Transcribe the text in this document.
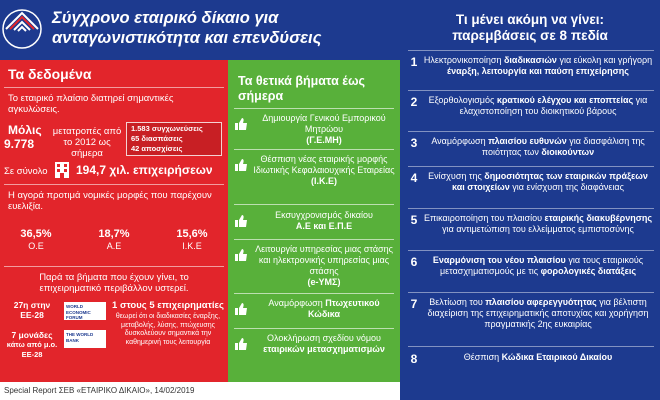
Σύγχρονο εταιρικό δίκαιο για
ανταγωνιστικότητα και επενδύσεις
Τα δεδομένα
Το εταιρικό πλαίσιο διατηρεί σημαντικές αγκυλώσεις.
Μόλις
9.778
μετατροπές από το 2012 ως σήμερα
1.583 συγχωνεύσεις
65 διασπάσεις
42 αποσχίσεις
Σε σύνολο 194,7 χιλ. επιχειρήσεων
Η αγορά προτιμά νομικές μορφές που παρέχουν ευελιξία.
36,5%
Ο.Ε
18,7%
Α.Ε
15,6%
Ι.Κ.Ε
Παρά τα βήματα που έχουν γίνει, το επιχειρηματικό περιβάλλον υστερεί.
27η στην
ΕΕ-28
WORLD ECONOMIC FORUM
7 μονάδες
κάτω από μ.ο. ΕΕ-28
THE WORLD BANK
1 στους 5 επιχειρηματίες
θεωρεί ότι οι διαδικασίες έναρξης, μεταβολής, λύσης, πτώχευσης δυσκολεύουν σημαντικά την καθημερινή τους λειτουργία
Τα θετικά βήματα έως σήμερα
Δημιουργία Γενικού Εμπορικού Μητρώου
(Γ.Ε.ΜΗ)
Θέσπιση νέας εταιρικής μορφής Ιδιωτικής Κεφαλαιουχικής Εταιρείας
(Ι.Κ.Ε)
Εκσυγχρονισμός δικαίου
Α.Ε και Ε.Π.Ε
Λειτουργία υπηρεσίας μιας στάσης και ηλεκτρονικής υπηρεσίας μιας στάσης
(e-ΥΜΣ)
Αναμόρφωση Πτωχευτικού Κώδικα
Ολοκλήρωση σχεδίου νόμου
εταιρικών μετασχηματισμών
Τι μένει ακόμη να γίνει:
παρεμβάσεις σε 8 πεδία
1 Ηλεκτρονικοποίηση διαδικασιών για εύκολη και γρήγορη έναρξη, λειτουργία και παύση επιχείρησης
2	Εξορθολογισμός κρατικού ελέγχου και εποπτείας για ελαχιστοποίηση του διοικητικού βάρους
3	Αναμόρφωση πλαισίου ευθυνών για διασφάλιση της ποιότητας των διοικούντων
4	Ενίσχυση της δημοσιότητας των εταιρικών πράξεων και στοιχείων για ενίσχυση της διαφάνειας
5 Επικαιροποίηση του πλαισίου εταιρικής διακυβέρνησης για αντιμετώπιση του ελλείμματος εμπιστοσύνης
6	Εναρμόνιση του νέου πλαισίου για τους εταιρικούς μετασχηματισμούς με τις φορολογικές διατάξεις
7	Βελτίωση του πλαισίου αφερεγγυότητας για βέλτιστη διαχείριση της επιχειρηματικής αποτυχίας και χορήγηση πραγματικής 2ης ευκαιρίας
8	Θέσπιση Κώδικα Εταιρικού Δικαίου
Special Report ΣΕΒ «ΕΤΑΙΡΙΚΟ ΔΙΚΑΙΟ», 14/02/2019
